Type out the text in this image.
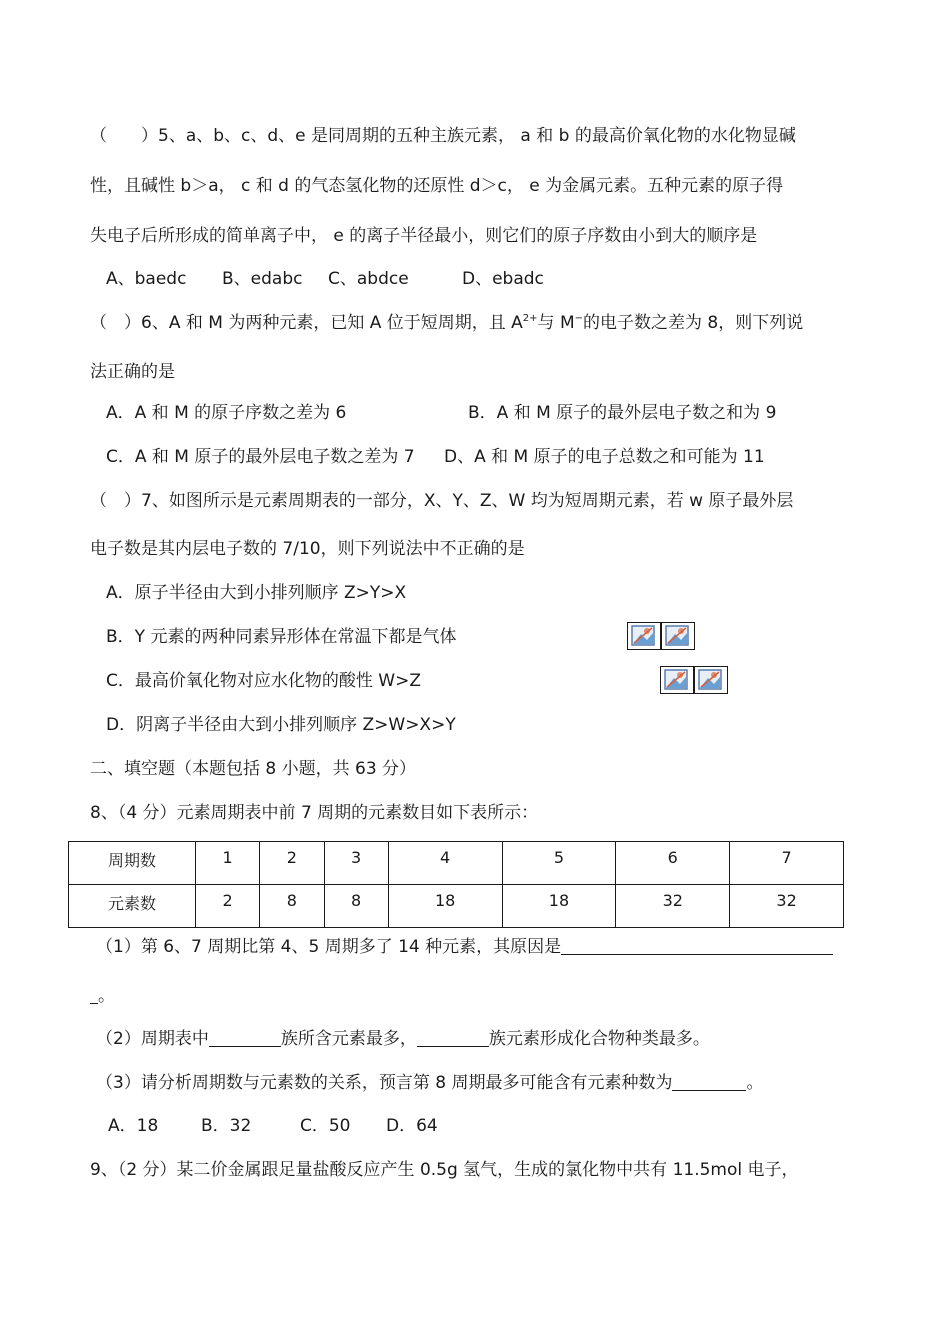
（　　）5、a、b、c、d、e 是同周期的五种主族元素， a 和 b 的最高价氧化物的水化物显碱
性，且碱性 b＞a， c 和 d 的气态氢化物的还原性 d＞c， e 为金属元素。五种元素的原子得
失电子后所形成的简单离子中， e 的离子半径最小，则它们的原子序数由小到大的顺序是
A、baedc B、edabc C、abdce	D、ebadc
（　）6、A 和 M 为两种元素，已知 A 位于短周期，且 $A^{2+}$与 M−的电子数之差为 8，则下列说
法正确的是
A．A 和 M 的原子序数之差为 6	B．A 和 M 原子的最外层电子数之和为 9
C．A 和 M 原子的最外层电子数之差为 7 D、A 和 M 原子的电子总数之和可能为 11
（　）7、如图所示是元素周期表的一部分，X、Y、Z、W 均为短周期元素，若 w 原子最外层
电子数是其内层电子数的 7/10，则下列说法中不正确的是
A．原子半径由大到小排列顺序 Z>Y>X
B．Y 元素的两种同素异形体在常温下都是气体
C．最高价氧化物对应水化物的酸性 W>Z
D．阴离子半径由大到小排列顺序 Z>W>X>Y
二、填空题（本题包括 8 小题，共 63 分）
8、（4 分）元素周期表中前 7 周期的元素数目如下表所示：
周期数	1	2	3	4	5	6	7
元素数	2	8	8	18	18	32	32
（1）第 6、7 周期比第 4、5 周期多了 14 种元素，其原因是
。
（2）周期表中	族所含元素最多，	族元素形成化合物种类最多。
（3）请分析周期数与元素数的关系，预言第 8 周期最多可能含有元素种数为	。
A．18	B．32	C．50 D．64
9、（2 分）某二价金属跟足量盐酸反应产生 0.5g 氢气，生成的氯化物中共有 11.5mol 电子，
